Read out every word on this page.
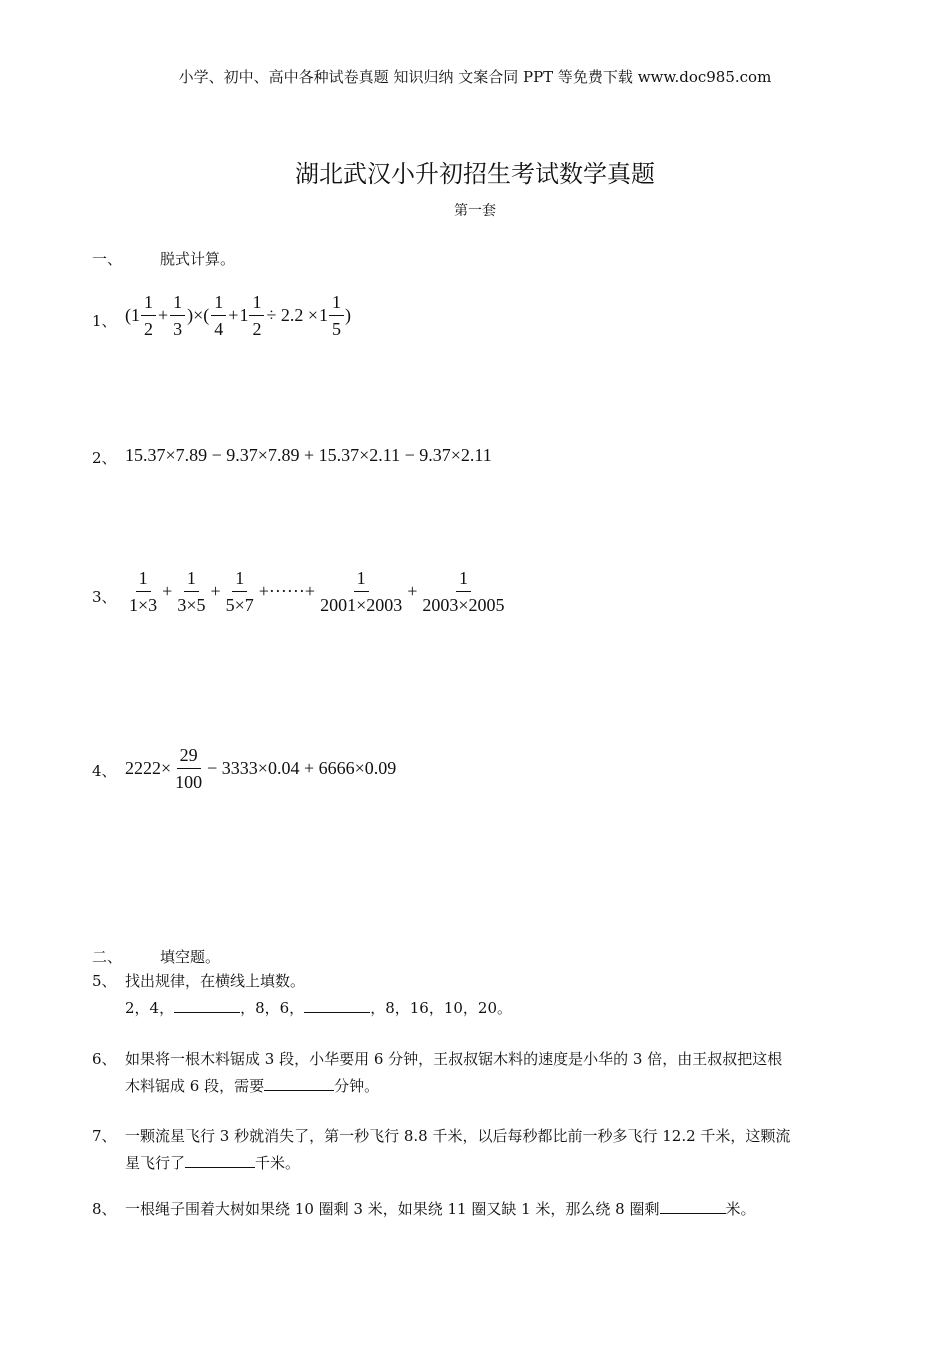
小学、初中、高中各种试卷真题 知识归纳 文案合同 PPT 等免费下载 www.doc985.com
湖北武汉小升初招生考试数学真题
第一套
一、	脱式计算。
1、 ( $1 \frac{1}{2} + \frac{1}{3}$ )×( $\frac{1}{4} + 1 \frac{1}{2} \div 2.2 \times 1 \frac{1}{5}$ )
2、 15.37×7.89 − 9.37×7.89 + 15.37×2.11 − 9.37×2.11
3、 $\frac{1}{1\times 3} + \frac{1}{3\times 5} + \frac{1}{5\times 7}$ +······+ $\frac{1}{2001\times 2003} + \frac{1}{2003\times 2005}$
4、 $2222\times \frac{29}{100} - 3333\times 0.04 + 6666\times 0.09$
二、	填空题。
5、 找出规律，在横线上填数。
2，4，	，8，6，	，8，16，10，20。
6、 如果将一根木料锯成 3 段，小华要用 6 分钟，王叔叔锯木料的速度是小华的 3 倍，由王叔叔把这根
木料锯成 6 段，需要	分钟。
7、 一颗流星飞行 3 秒就消失了，第一秒飞行 8.8 千米，以后每秒都比前一秒多飞行 12.2 千米，这颗流
星飞行了	千米。
8、 一根绳子围着大树如果绕 10 圈剩 3 米，如果绕 11 圈又缺 1 米，那么绕 8 圈剩	米。
